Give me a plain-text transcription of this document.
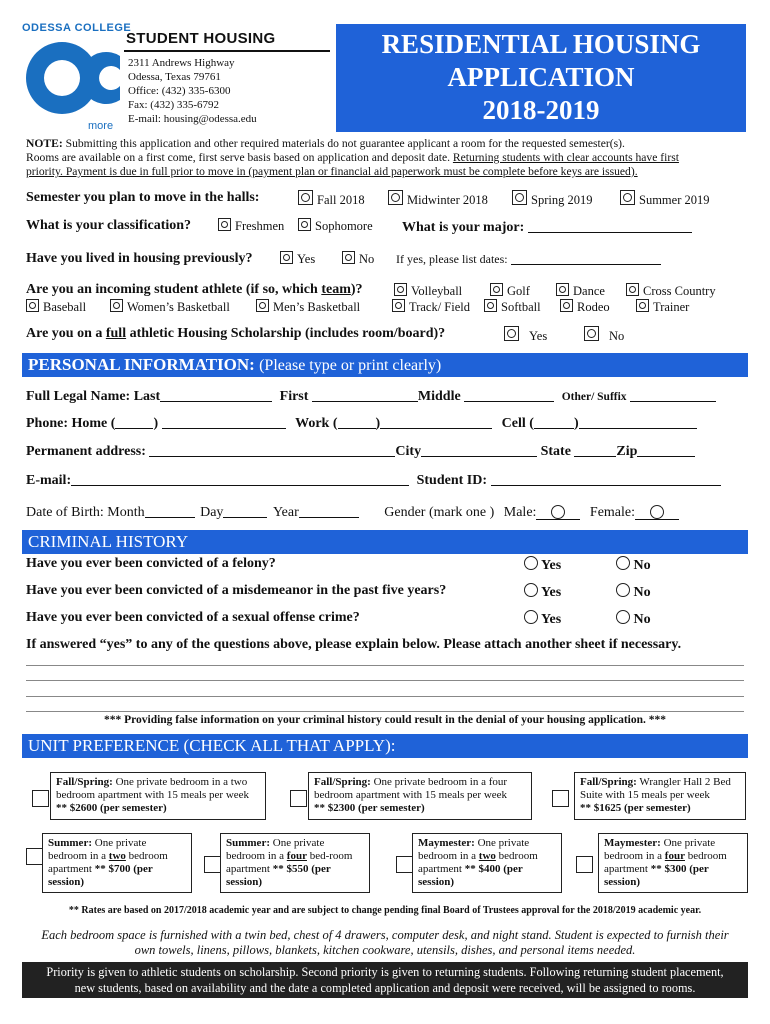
ODESSA COLLEGE
more
STUDENT HOUSING
2311 Andrews Highway
Odessa, Texas 79761
Office: (432) 335-6300
Fax: (432) 335-6792
E-mail: housing@odessa.edu
RESIDENTIAL HOUSING
APPLICATION
2018-2019
NOTE: Submitting this application and other required materials do not guarantee applicant a room for the requested semester(s).
Rooms are available on a first come, first serve basis based on application and deposit date. Returning students with clear accounts have first
priority. Payment is due in full prior to move in (payment plan or financial aid paperwork must be complete before keys are issued).
Semester you plan to move in the halls:	Fall 2018	Midwinter 2018	Spring 2019	Summer 2019
What is your classification?	Freshmen	Sophomore What is your major:
Have you lived in housing previously?	Yes	No If yes, please list dates:
Are you an incoming student athlete (if so, which team)?	Volleyball	Golf	Dance	Cross Country
Baseball	Women’s Basketball	Men’s Basketball	Track/ Field	Softball	Rodeo	Trainer
Are you on a full athletic Housing Scholarship (includes room/board)?	Yes	No
PERSONAL INFORMATION: (Please type or print clearly)
Full Legal Name: Last	First	Middle	Other/ Suffix
Phone: Home (	)	Work (	)	Cell (	)
Permanent address:	City	State	Zip
E-mail:	Student ID:
Date of Birth: Month	Day	Year	Gender (mark one ) Male:	Female:
CRIMINAL HISTORY
Have you ever been convicted of a felony?
Have you ever been convicted of a misdemeanor in the past five years?
Have you ever been convicted of a sexual offense crime?
Yes	No
Yes	No
Yes	No
If answered “yes” to any of the questions above, please explain below. Please attach another sheet if necessary.
*** Providing false information on your criminal history could result in the denial of your housing application. ***
UNIT PREFERENCE (CHECK ALL THAT APPLY):
Fall/Spring: One private bedroom in a two bedroom apartment with 15 meals per week
** $2600 (per semester)
Fall/Spring: One private bedroom in a four bedroom apartment with 15 meals per week
** $2300 (per semester)
Fall/Spring: Wrangler Hall 2 Bed Suite with 15 meals per week
** $1625 (per semester)
Summer: One private bedroom in a two bedroom apartment ** $700 (per session)
Summer: One private bedroom in a four bed-room apartment ** $550 (per session)
Maymester: One private bedroom in a two bedroom apartment ** $400 (per session)
Maymester: One private bedroom in a four bedroom apartment ** $300 (per session)
** Rates are based on 2017/2018 academic year and are subject to change pending final Board of Trustees approval for the 2018/2019 academic year.
Each bedroom space is furnished with a twin bed, chest of 4 drawers, computer desk, and night stand. Student is expected to furnish their
own towels, linens, pillows, blankets, kitchen cookware, utensils, dishes, and personal items needed.
Priority is given to athletic students on scholarship. Second priority is given to returning students. Following returning student placement,
new students, based on availability and the date a completed application and deposit were received, will be assigned to rooms.
